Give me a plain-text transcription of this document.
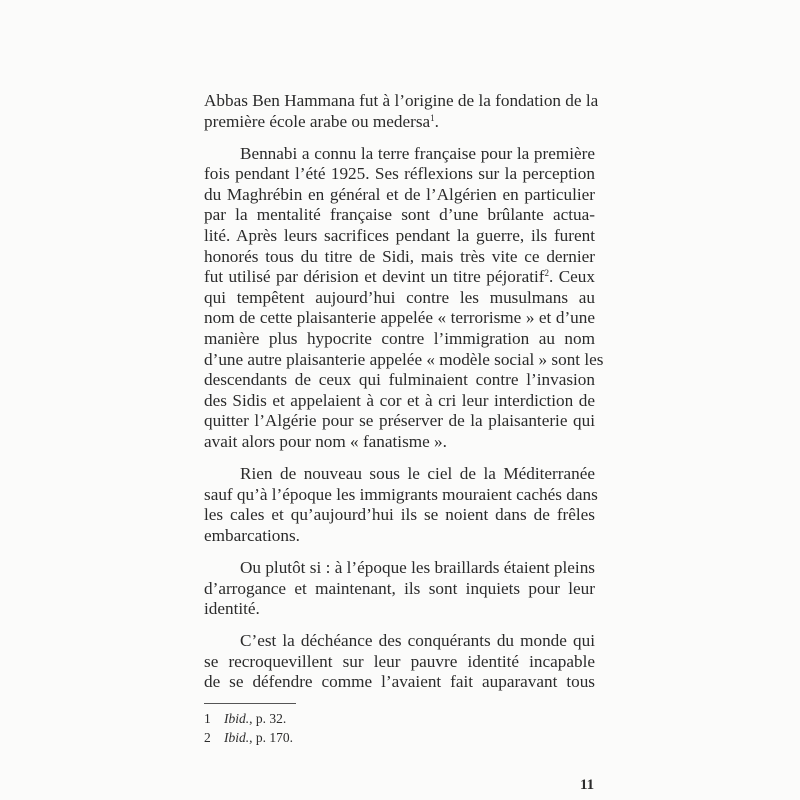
Abbas Ben Hammana fut à l’origine de la fondation de la
première école arabe ou medersa$^1$.
Bennabi a connu la terre française pour la première
fois pendant l’été 1925. Ses réflexions sur la perception
du Maghrébin en général et de l’Algérien en particulier
par la mentalité française sont d’une brûlante actua-
lité. Après leurs sacrifices pendant la guerre, ils furent
honorés tous du titre de Sidi, mais très vite ce dernier
fut utilisé par dérision et devint un titre péjoratif$^2$. Ceux
qui tempêtent aujourd’hui contre les musulmans au
nom de cette plaisanterie appelée « terrorisme » et d’une
manière plus hypocrite contre l’immigration au nom
d’une autre plaisanterie appelée « modèle social » sont les
descendants de ceux qui fulminaient contre l’invasion
des Sidis et appelaient à cor et à cri leur interdiction de
quitter l’Algérie pour se préserver de la plaisanterie qui
avait alors pour nom « fanatisme ».
Rien de nouveau sous le ciel de la Méditerranée
sauf qu’à l’époque les immigrants mouraient cachés dans
les cales et qu’aujourd’hui ils se noient dans de frêles
embarcations.
Ou plutôt si : à l’époque les braillards étaient pleins
d’arrogance et maintenant, ils sont inquiets pour leur
identité.
C’est la déchéance des conquérants du monde qui
se recroquevillent sur leur pauvre identité incapable
de se défendre comme l’avaient fait auparavant tous
1 Ibid., p. 32.
2 Ibid., p. 170.
11
